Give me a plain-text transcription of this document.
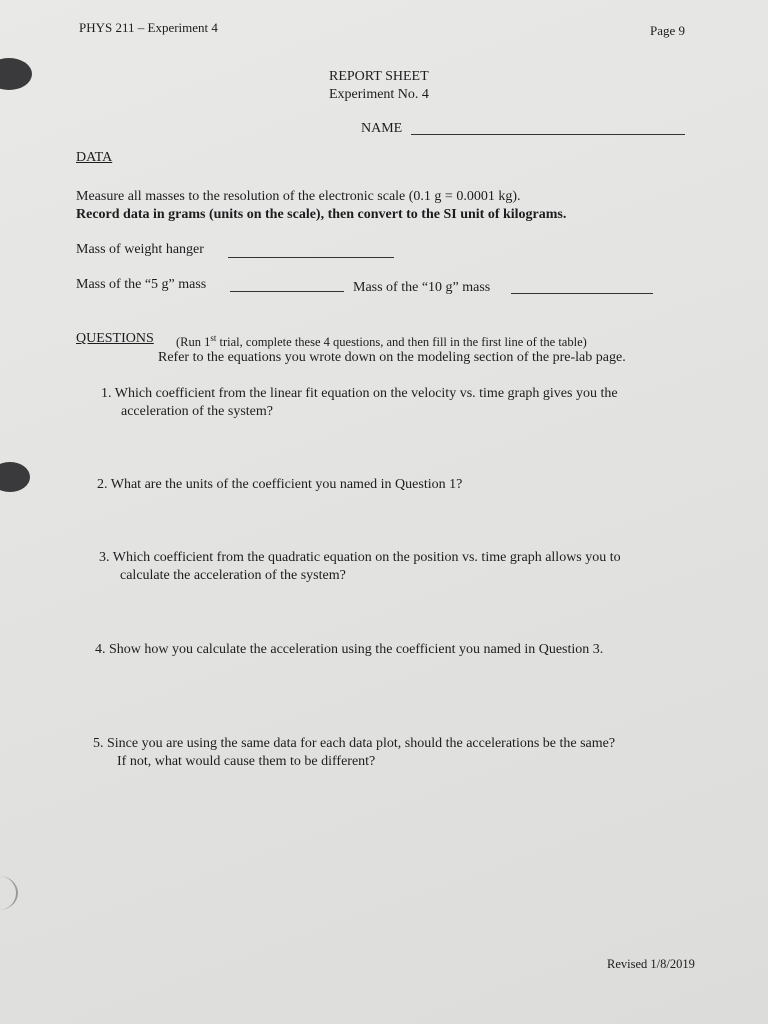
PHYS 211 – Experiment 4	Page 9
REPORT SHEET
Experiment No. 4
NAME
DATA
Measure all masses to the resolution of the electronic scale (0.1 g = 0.0001 kg).
Record data in grams (units on the scale), then convert to the SI unit of kilograms.
Mass of weight hanger
Mass of the “5 g” mass	Mass of the “10 g” mass
QUESTIONS (Run 1st trial, complete these 4 questions, and then fill in the first line of the table)
Refer to the equations you wrote down on the modeling section of the pre-lab page.
1. Which coefficient from the linear fit equation on the velocity vs. time graph gives you the
acceleration of the system?
2. What are the units of the coefficient you named in Question 1?
3. Which coefficient from the quadratic equation on the position vs. time graph allows you to
calculate the acceleration of the system?
4. Show how you calculate the acceleration using the coefficient you named in Question 3.
5. Since you are using the same data for each data plot, should the accelerations be the same?
If not, what would cause them to be different?
Revised 1/8/2019
